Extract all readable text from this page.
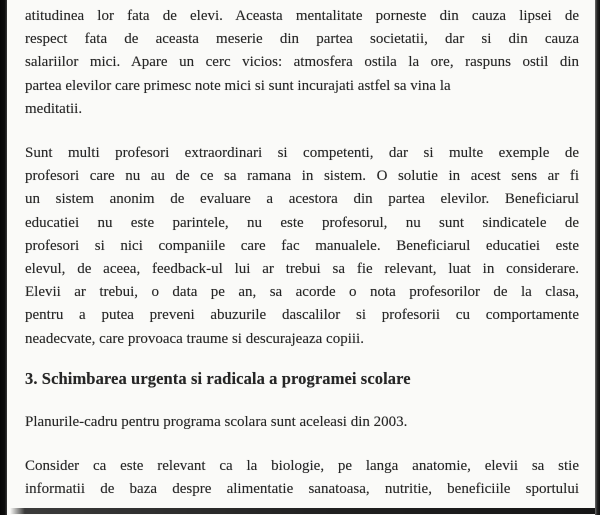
atitudinea lor fata de elevi. Aceasta mentalitate porneste din cauza lipsei de
respect fata de aceasta meserie din partea societatii, dar si din cauza
salariilor mici. Apare un cerc vicios: atmosfera ostila la ore, raspuns ostil din
partea elevilor care primesc note mici si sunt incurajati astfel sa vina la
meditatii.
Sunt multi profesori extraordinari si competenti, dar si multe exemple de
profesori care nu au de ce sa ramana in sistem. O solutie in acest sens ar fi
un sistem anonim de evaluare a acestora din partea elevilor. Beneficiarul
educatiei nu este parintele, nu este profesorul, nu sunt sindicatele de
profesori si nici companiile care fac manualele. Beneficiarul educatiei este
elevul, de aceea, feedback-ul lui ar trebui sa fie relevant, luat in considerare.
Elevii ar trebui, o data pe an, sa acorde o nota profesorilor de la clasa,
pentru a putea preveni abuzurile dascalilor si profesorii cu comportamente
neadecvate, care provoaca traume si descurajeaza copiii.
3. Schimbarea urgenta si radicala a programei scolare
Planurile-cadru pentru programa scolara sunt aceleasi din 2003.
Consider ca este relevant ca la biologie, pe langa anatomie, elevii sa stie
informatii de baza despre alimentatie sanatoasa, nutritie, beneficiile sportului
